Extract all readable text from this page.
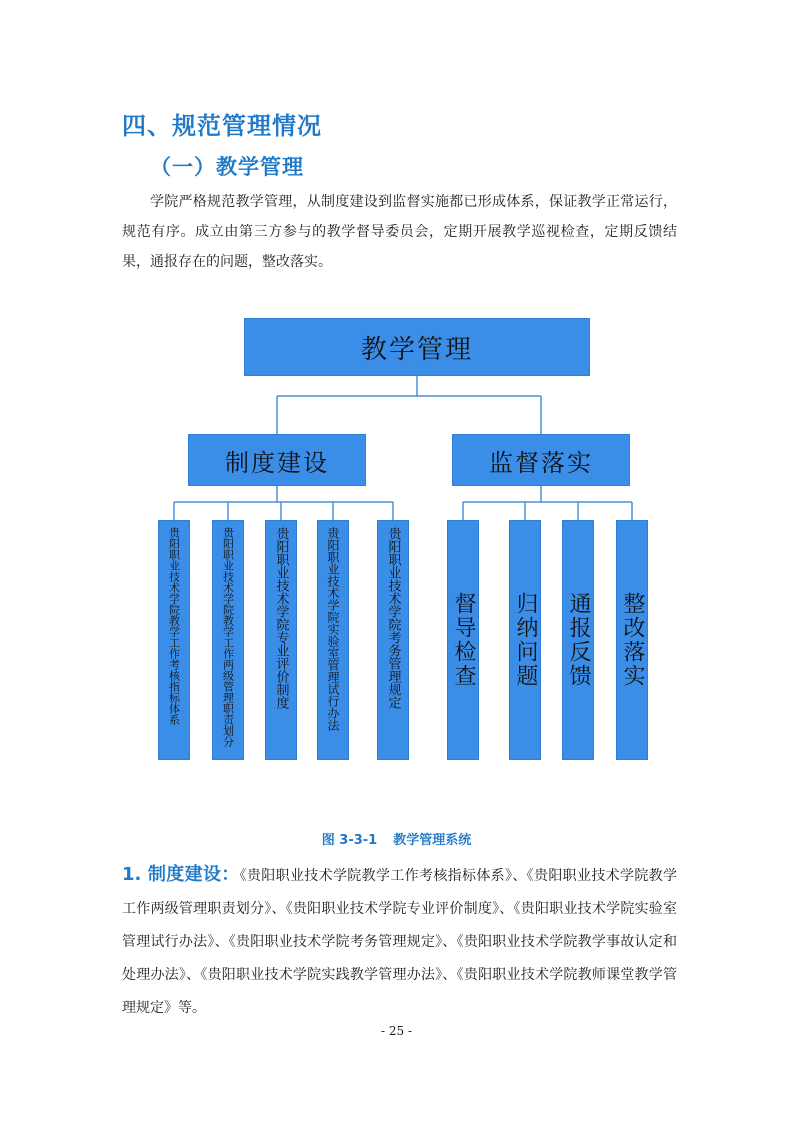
四、规范管理情况
（一）教学管理

学院严格规范教学管理，从制度建设到监督实施都已形成体系，保证教学正常运行，规范有序。成立由第三方参与的教学督导委员会，定期开展教学巡视检查，定期反馈结果，通报存在的问题，整改落实。

教学管理
制度建设	监督落实
贵阳职业技术学院教学工作考核指标体系	贵阳职业技术学院教学工作两级管理职责划分	贵阳职业技术学院专业评价制度	贵阳职业技术学院实验室管理试行办法	贵阳职业技术学院考务管理规定	督导检查 归纳问题 通报反馈 整改落实
图 3-3-1 教学管理系统

1. 制度建设：《贵阳职业技术学院教学工作考核指标体系》、《贵阳职业技术学院教学工作两级管理职责划分》、《贵阳职业技术学院专业评价制度》、《贵阳职业技术学院实验室管理试行办法》、《贵阳职业技术学院考务管理规定》、《贵阳职业技术学院教学事故认定和处理办法》、《贵阳职业技术学院实践教学管理办法》、《贵阳职业技术学院教师课堂教学管理规定》等。

- 25 -
